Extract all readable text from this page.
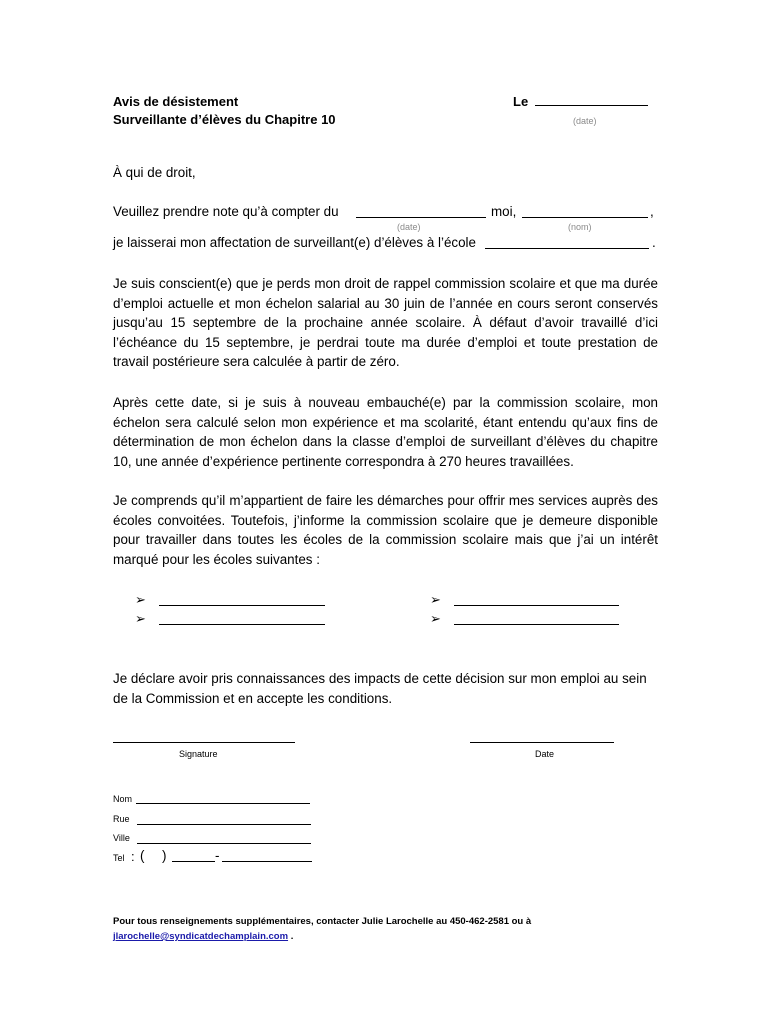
Avis de désistement
Surveillante d’élèves du Chapitre 10
Le
(date)
À qui de droit,
Veuillez prendre note qu’à compter du	moi,	,
(date)	(nom)
je laisserai mon affectation de surveillant(e) d’élèves à l’école	.
Je suis conscient(e) que je perds mon droit de rappel commission scolaire et que ma durée d’emploi actuelle et mon échelon salarial au 30 juin de l’année en cours seront conservés jusqu’au 15 septembre de la prochaine année scolaire. À défaut d’avoir travaillé d’ici l’échéance du 15 septembre, je perdrai toute ma durée d’emploi et toute prestation de travail postérieure sera calculée à partir de zéro.
Après cette date, si je suis à nouveau embauché(e) par la commission scolaire, mon échelon sera calculé selon mon expérience et ma scolarité, étant entendu qu’aux fins de détermination de mon échelon dans la classe d’emploi de surveillant d’élèves du chapitre 10, une année d’expérience pertinente correspondra à 270 heures travaillées.
Je comprends qu’il m’appartient de faire les démarches pour offrir mes services auprès des écoles convoitées. Toutefois, j’informe la commission scolaire que je demeure disponible pour travailler dans toutes les écoles de la commission scolaire mais que j’ai un intérêt marqué pour les écoles suivantes :
➢
➢
➢
➢
Je déclare avoir pris connaissances des impacts de cette décision sur mon emploi au sein de la Commission et en accepte les conditions.
Signature	Date
Nom
Rue
Ville
Tel : ( )	-
Pour tous renseignements supplémentaires, contacter Julie Larochelle au 450-462-2581 ou à
jlarochelle@syndicatdechamplain.com .
